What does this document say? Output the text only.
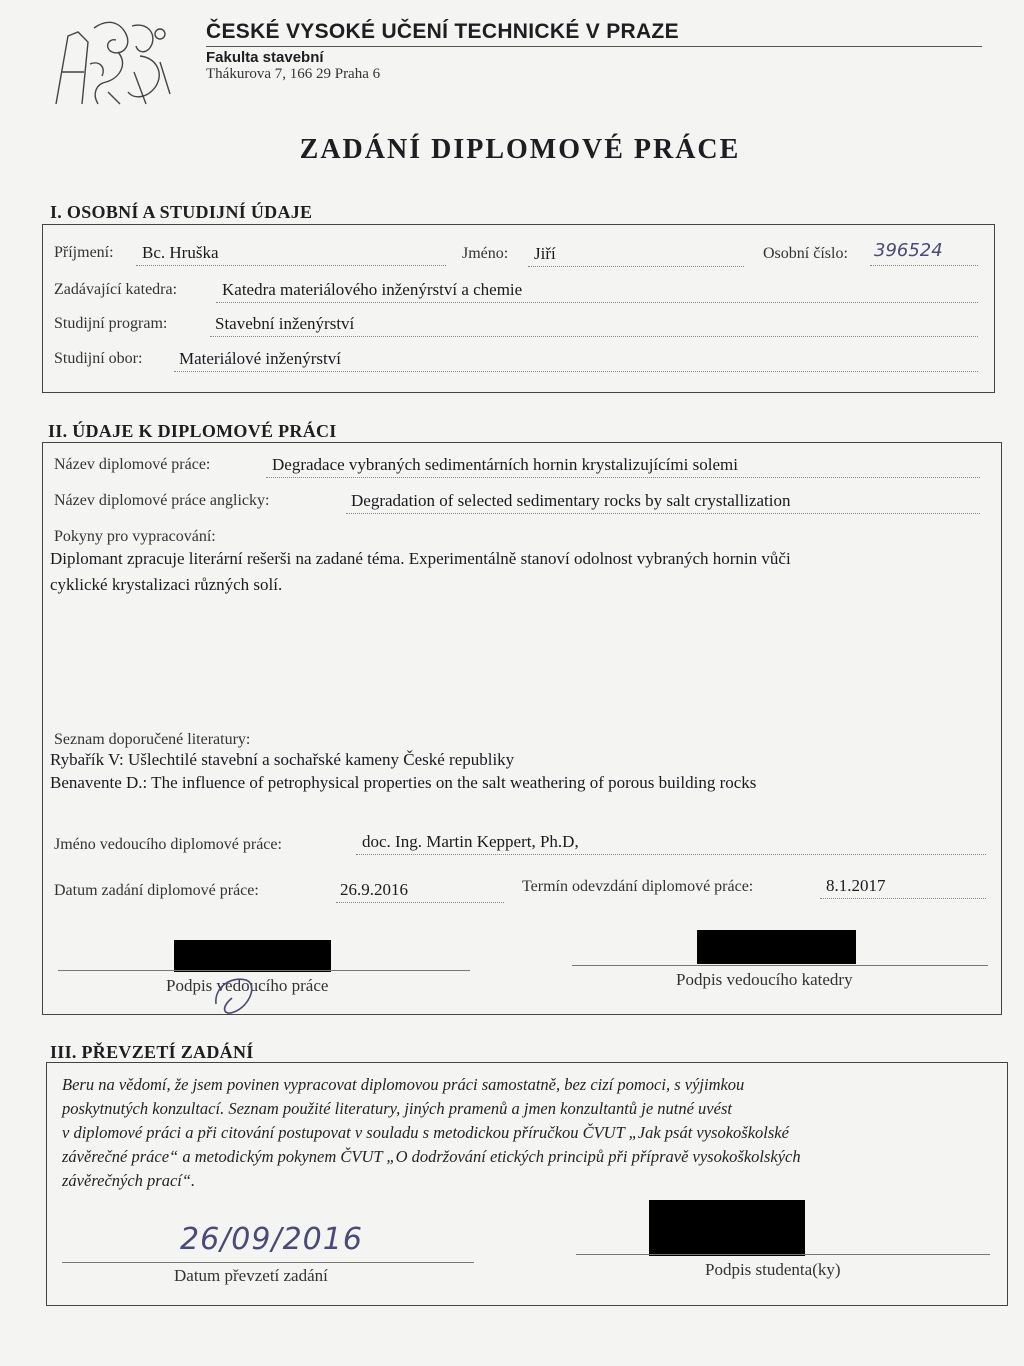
ČESKÉ VYSOKÉ UČENÍ TECHNICKÉ V PRAZE
Fakulta stavební
Thákurova 7, 166 29 Praha 6
ZADÁNÍ DIPLOMOVÉ PRÁCE
I. OSOBNÍ A STUDIJNÍ ÚDAJE
Příjmení: Bc. Hruška	Jméno: Jiří	Osobní číslo: 396524
Zadávající katedra:	Katedra materiálového inženýrství a chemie
Studijní program:	Stavební inženýrství
Studijní obor: Materiálové inženýrství
II. ÚDAJE K DIPLOMOVÉ PRÁCI
Název diplomové práce:	Degradace vybraných sedimentárních hornin krystalizujícími solemi
Název diplomové práce anglicky:	Degradation of selected sedimentary rocks by salt crystallization
Pokyny pro vypracování:
Diplomant zpracuje literární rešerši na zadané téma. Experimentálně stanoví odolnost vybraných hornin vůči
cyklické krystalizaci různých solí.
Seznam doporučené literatury:
Rybařík V: Ušlechtilé stavební a sochařské kameny České republiky
Benavente D.: The influence of petrophysical properties on the salt weathering of porous building rocks
Jméno vedoucího diplomové práce:	doc. Ing. Martin Keppert, Ph.D,
Datum zadání diplomové práce:	26.9.2016	Termín odevzdání diplomové práce:	8.1.2017
Podpis vedoucího práce	Podpis vedoucího katedry
III. PŘEVZETÍ ZADÁNÍ
Beru na vědomí, že jsem povinen vypracovat diplomovou práci samostatně, bez cizí pomoci, s výjimkou
poskytnutých konzultací. Seznam použité literatury, jiných pramenů a jmen konzultantů je nutné uvést
v diplomové práci a při citování postupovat v souladu s metodickou příručkou ČVUT „Jak psát vysokoškolské
závěrečné práce“ a metodickým pokynem ČVUT „O dodržování etických principů při přípravě vysokoškolských
závěrečných prací“.
26/09/2016
Datum převzetí zadání	Podpis studenta(ky)
